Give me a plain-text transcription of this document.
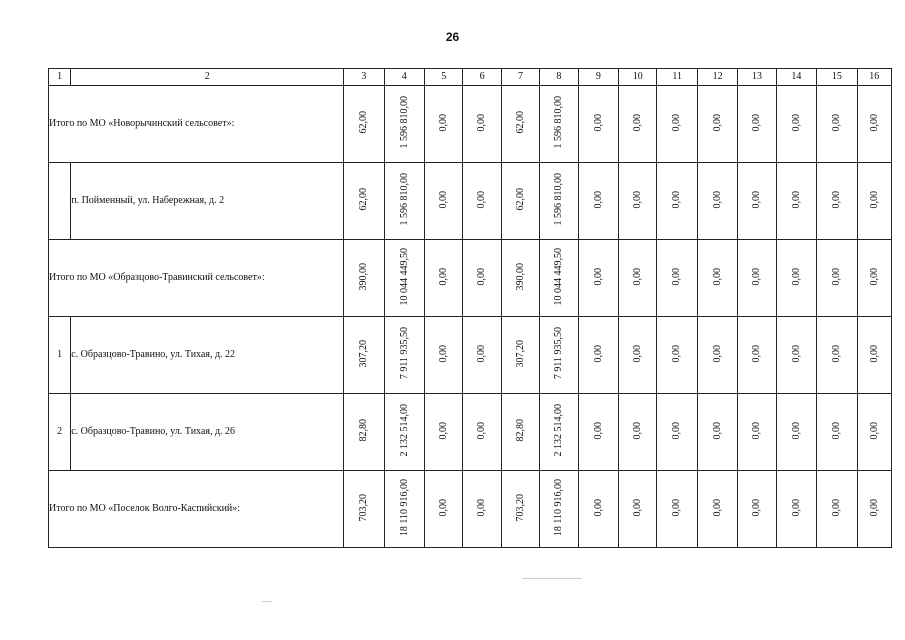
26
1	2	3	4	5	6	7	8	9	10	11	12	13	14	15	16
Итого по МО «Новорычинский сельсовет»:		62,00	1 596 810,00	0,00	0,00	62,00	1 596 810,00	0,00	0,00	0,00	0,00	0,00	0,00	0,00	0,00
	п. Пойменный, ул. Набережная, д. 2	62,00	1 596 810,00	0,00	0,00	62,00	1 596 810,00	0,00	0,00	0,00	0,00	0,00	0,00	0,00	0,00
Итого по МО «Образцово-Травинский сельсовет»:		390,00	10 044 449,50	0,00	0,00	390,00	10 044 449,50	0,00	0,00	0,00	0,00	0,00	0,00	0,00	0,00
1	с. Образцово-Травино, ул. Тихая, д. 22	307,20	7 911 935,50	0,00	0,00	307,20	7 911 935,50	0,00	0,00	0,00	0,00	0,00	0,00	0,00	0,00
2	с. Образцово-Травино, ул. Тихая, д. 26	82,80	2 132 514,00	0,00	0,00	82,80	2 132 514,00	0,00	0,00	0,00	0,00	0,00	0,00	0,00	0,00
Итого по МО «Поселок Волго-Каспийский»:		703,20	18 110 916,00	0,00	0,00	703,20	18 110 916,00	0,00	0,00	0,00	0,00	0,00	0,00	0,00	0,00
